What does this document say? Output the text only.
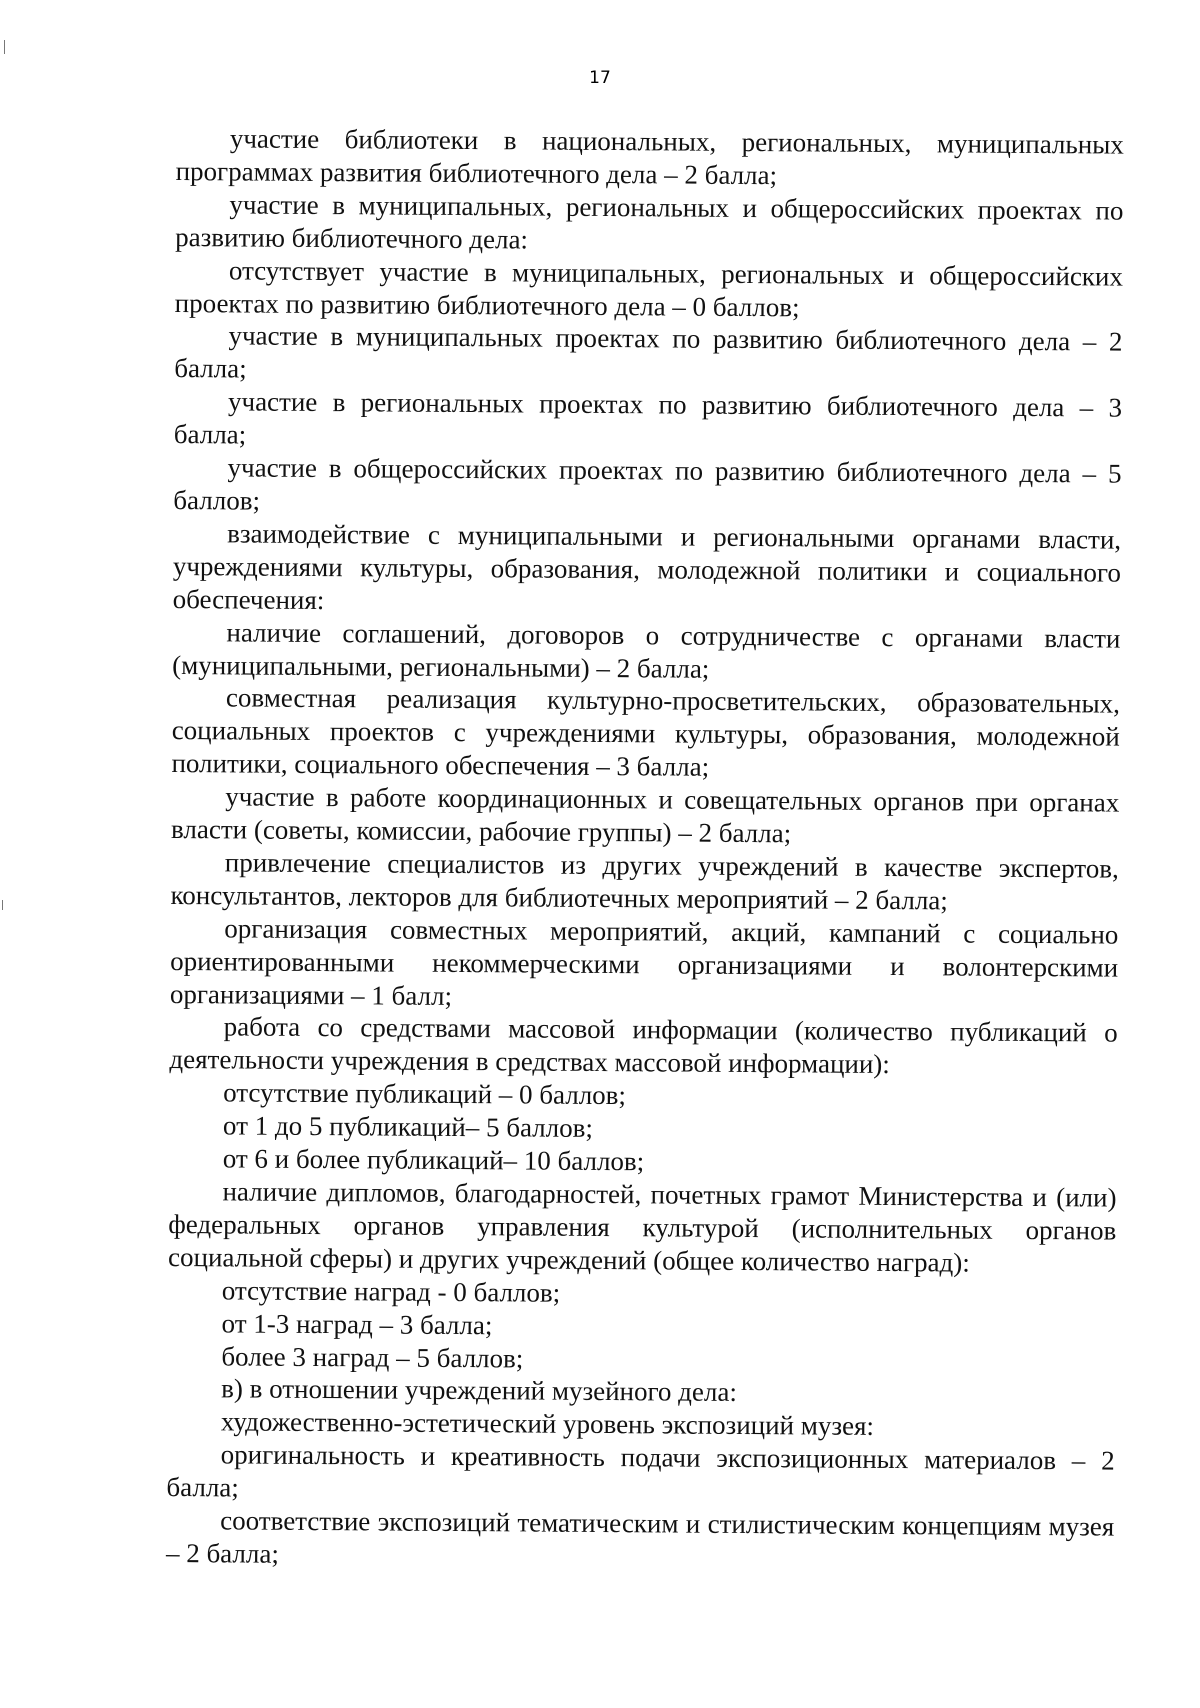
17

участие библиотеки в национальных, региональных, муниципальных программах развития библиотечного дела – 2 балла;

участие в муниципальных, региональных и общероссийских проектах по развитию библиотечного дела:

отсутствует участие в муниципальных, региональных и общероссийских проектах по развитию библиотечного дела – 0 баллов;

участие в муниципальных проектах по развитию библиотечного дела – 2 балла;

участие в региональных проектах по развитию библиотечного дела – 3 балла;

участие в общероссийских проектах по развитию библиотечного дела – 5 баллов;

взаимодействие с муниципальными и региональными органами власти, учреждениями культуры, образования, молодежной политики и социального обеспечения:

наличие соглашений, договоров о сотрудничестве с органами власти (муниципальными, региональными) – 2 балла;

совместная реализация культурно-просветительских, образовательных, социальных проектов с учреждениями культуры, образования, молодежной политики, социального обеспечения – 3 балла;

участие в работе координационных и совещательных органов при органах власти (советы, комиссии, рабочие группы) – 2 балла;

привлечение специалистов из других учреждений в качестве экспертов, консультантов, лекторов для библиотечных мероприятий – 2 балла;

организация совместных мероприятий, акций, кампаний с социально ориентированными некоммерческими организациями и волонтерскими организациями – 1 балл;

работа со средствами массовой информации (количество публикаций о деятельности учреждения в средствах массовой информации):

отсутствие публикаций – 0 баллов;

от 1 до 5 публикаций– 5 баллов;

от 6 и более публикаций– 10 баллов;

наличие дипломов, благодарностей, почетных грамот Министерства и (или) федеральных органов управления культурой (исполнительных органов социальной сферы) и других учреждений (общее количество наград):

отсутствие наград - 0 баллов;

от 1-3 наград – 3 балла;

более 3 наград – 5 баллов;

в) в отношении учреждений музейного дела:

художественно-эстетический уровень экспозиций музея:

оригинальность и креативность подачи экспозиционных материалов – 2 балла;

соответствие экспозиций тематическим и стилистическим концепциям музея – 2 балла;
